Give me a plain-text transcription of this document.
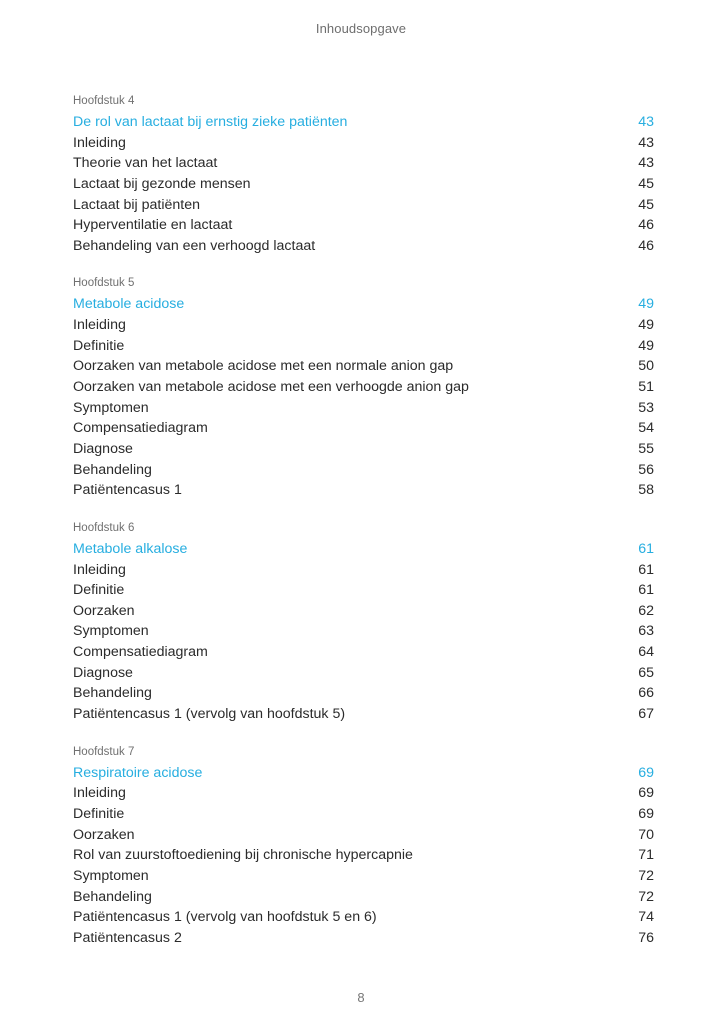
Inhoudsopgave
Hoofdstuk 4
De rol van lactaat bij ernstig zieke patiënten	43
Inleiding	43
Theorie van het lactaat	43
Lactaat bij gezonde mensen	45
Lactaat bij patiënten	45
Hyperventilatie en lactaat	46
Behandeling van een verhoogd lactaat	46
Hoofdstuk 5
Metabole acidose	49
Inleiding	49
Definitie	49
Oorzaken van metabole acidose met een normale anion gap	50
Oorzaken van metabole acidose met een verhoogde anion gap	51
Symptomen	53
Compensatiediagram	54
Diagnose	55
Behandeling	56
Patiëntencasus 1	58
Hoofdstuk 6
Metabole alkalose	61
Inleiding	61
Definitie	61
Oorzaken	62
Symptomen	63
Compensatiediagram	64
Diagnose	65
Behandeling	66
Patiëntencasus 1 (vervolg van hoofdstuk 5)	67
Hoofdstuk 7
Respiratoire acidose	69
Inleiding	69
Definitie	69
Oorzaken	70
Rol van zuurstoftoediening bij chronische hypercapnie	71
Symptomen	72
Behandeling	72
Patiëntencasus 1 (vervolg van hoofdstuk 5 en 6)	74
Patiëntencasus 2	76
8
